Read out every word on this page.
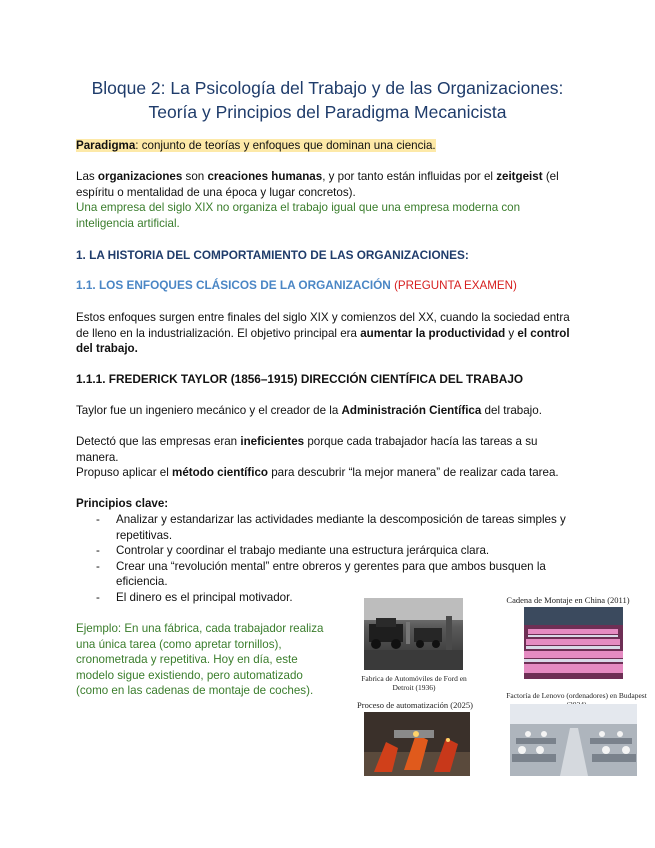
Bloque 2: La Psicología del Trabajo y de las Organizaciones:
Teoría y Principios del Paradigma Mecanicista
Paradigma: conjunto de teorías y enfoques que dominan una ciencia.
Las organizaciones son creaciones humanas, y por tanto están influidas por el zeitgeist (el espíritu o mentalidad de una época y lugar concretos).
Una empresa del siglo XIX no organiza el trabajo igual que una empresa moderna con inteligencia artificial.
1. LA HISTORIA DEL COMPORTAMIENTO DE LAS ORGANIZACIONES:
1.1. LOS ENFOQUES CLÁSICOS DE LA ORGANIZACIÓN (PREGUNTA EXAMEN)
Estos enfoques surgen entre finales del siglo XIX y comienzos del XX, cuando la sociedad entra de lleno en la industrialización. El objetivo principal era aumentar la productividad y el control del trabajo.
1.1.1. FREDERICK TAYLOR (1856–1915) DIRECCIÓN CIENTÍFICA DEL TRABAJO
Taylor fue un ingeniero mecánico y el creador de la Administración Científica del trabajo.
Detectó que las empresas eran ineficientes porque cada trabajador hacía las tareas a su manera.
Propuso aplicar el método científico para descubrir “la mejor manera” de realizar cada tarea.
Principios clave:
- Analizar y estandarizar las actividades mediante la descomposición de tareas simples y repetitivas.
- Controlar y coordinar el trabajo mediante una estructura jerárquica clara.
- Crear una “revolución mental” entre obreros y gerentes para que ambos busquen la eficiencia.
- El dinero es el principal motivador.
Ejemplo: En una fábrica, cada trabajador realiza una única tarea (como apretar tornillos), cronometrada y repetitiva. Hoy en día, este modelo sigue existiendo, pero automatizado (como en las cadenas de montaje de coches).
Fabrica de Automóviles de Ford en Detroit (1936)
Cadena de Montaje en China (2011)
Proceso de automatización (2025)
Factoría de Lenovo (ordenadores) en Budapest
